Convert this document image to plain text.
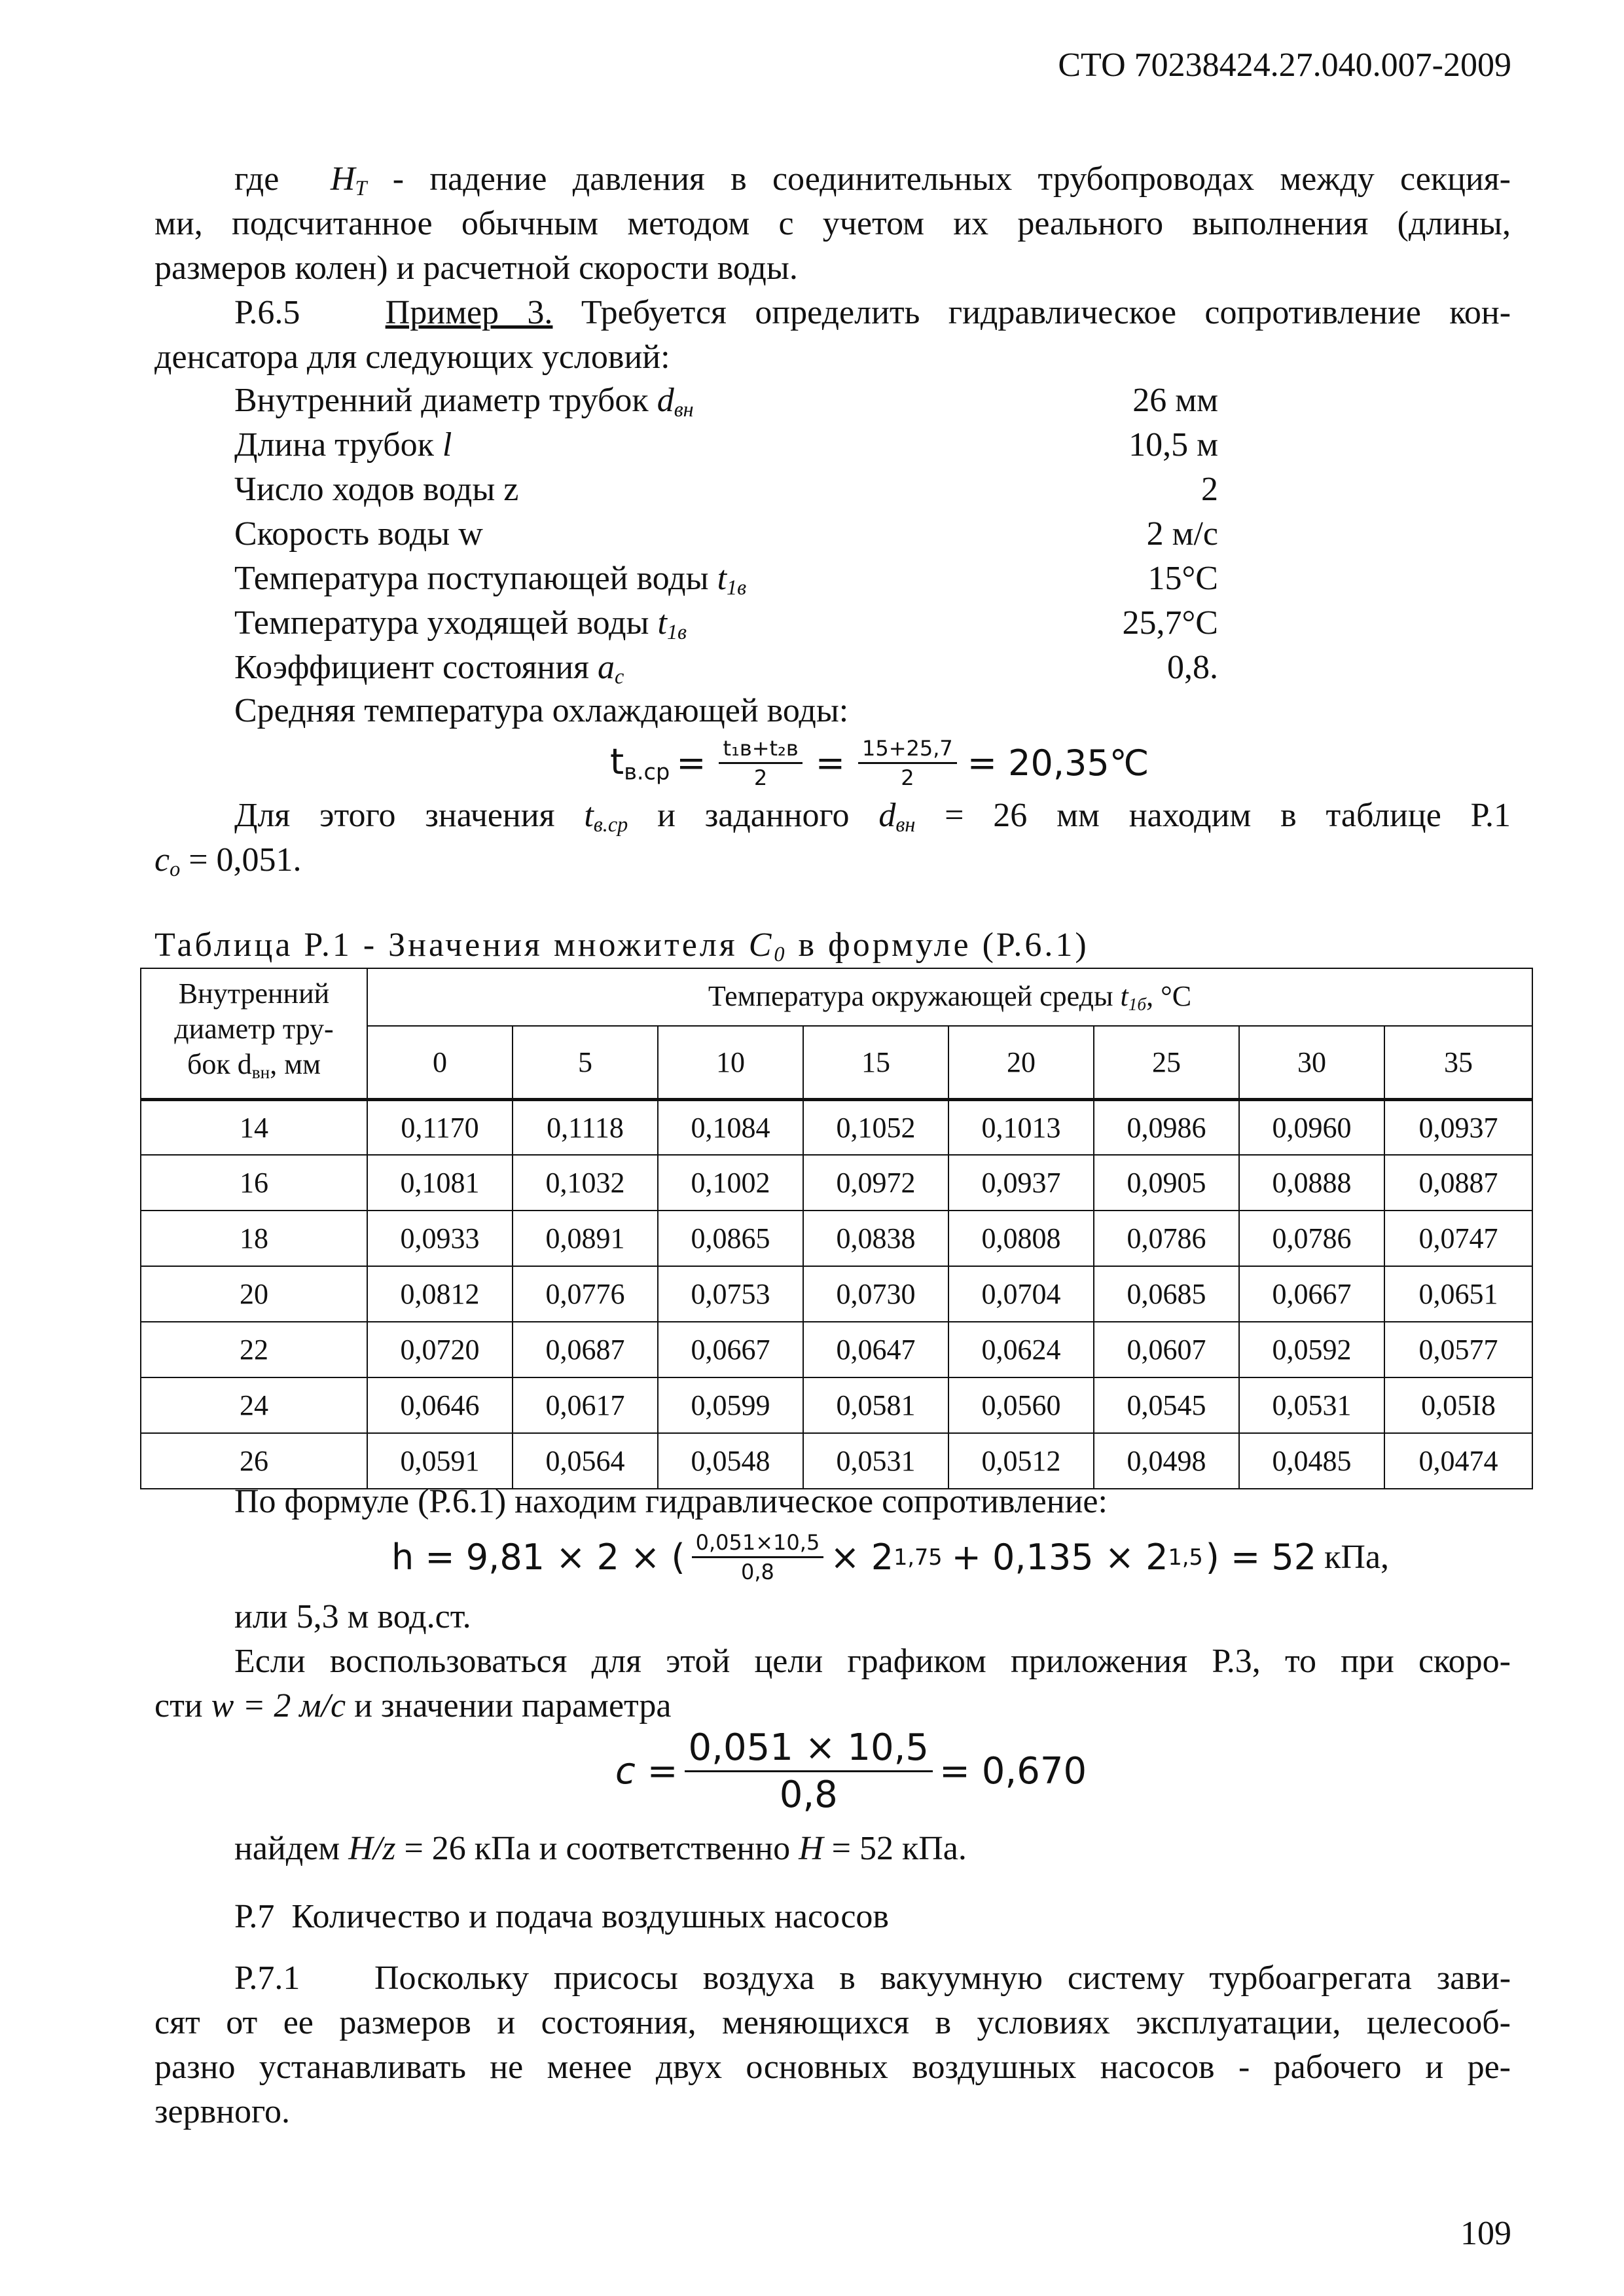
СТО 70238424.27.040.007-2009
где $H_T$ - падение давления в соединительных трубопроводах между секция-
ми, подсчитанное обычным методом с учетом их реального выполнения (длины,
размеров колен) и расчетной скорости воды.
Р.6.5	Пример 3. Требуется определить гидравлическое сопротивление кон-
денсатора для следующих условий:
Внутренний диаметр трубок $d_{вн}$	26 мм
Длина трубок l	10,5 м
Число ходов воды z	2
Скорость воды w	2 м/с
Температура поступающей воды $t_{1в}$	15°С
Температура уходящей воды $t_{1в}$	25,7°С
Коэффициент состояния $a_с$	0,8.
Средняя температура охлаждающей воды:
$t_{в.ср} = \frac{\text{t₁в+t₂в}}{2} = \frac{15+25,7}{2}$ = 20,35℃
Для этого значения $t_{в.ср}$ и заданного $d_{вн} = 26$ мм находим в таблице Р.1
$c_o = 0,051$.
Таблица Р.1 - Значения множителя $C_0$ в формуле (Р.6.1)
Внутренний
диаметр тру-
бок $d_{вн}$, мм	Температура окружающей среды $t_{1б}$, °С							
	0	5	10	15	20	25	30	35
14	0,1170	0,1118	0,1084	0,1052	0,1013	0,0986	0,0960	0,0937
16	0,1081	0,1032	0,1002	0,0972	0,0937	0,0905	0,0888	0,0887
18	0,0933	0,0891	0,0865	0,0838	0,0808	0,0786	0,0786	0,0747
20	0,0812	0,0776	0,0753	0,0730	0,0704	0,0685	0,0667	0,0651
22	0,0720	0,0687	0,0667	0,0647	0,0624	0,0607	0,0592	0,0577
24	0,0646	0,0617	0,0599	0,0581	0,0560	0,0545	0,0531	0,05I8
26	0,0591	0,0564	0,0548	0,0531	0,0512	0,0498	0,0485	0,0474
По формуле (Р.6.1) находим гидравлическое сопротивление:
h = 9,81 × 2 × ( $\frac{0,051\times 10,5}{0,8} \times 2$ 1,75 + 0,135 × 2 1,5 ) = 52 кПа,
или 5,3 м вод.ст.
Если воспользоваться для этой цели графиком приложения Р.3, то при скоро-
сти w = 2 м/с и значении параметра
$c = \frac{0,051 \times 10,5}{0,8} = 0,670$
найдем H/z = 26 кПа и соответственно H = 52 кПа.
Р.7 Количество и подача воздушных насосов
Р.7.1 Поскольку присосы воздуха в вакуумную систему турбоагрегата зави-
сят от ее размеров и состояния, меняющихся в условиях эксплуатации, целесооб-
разно устанавливать не менее двух основных воздушных насосов - рабочего и ре-
зервного.
109
